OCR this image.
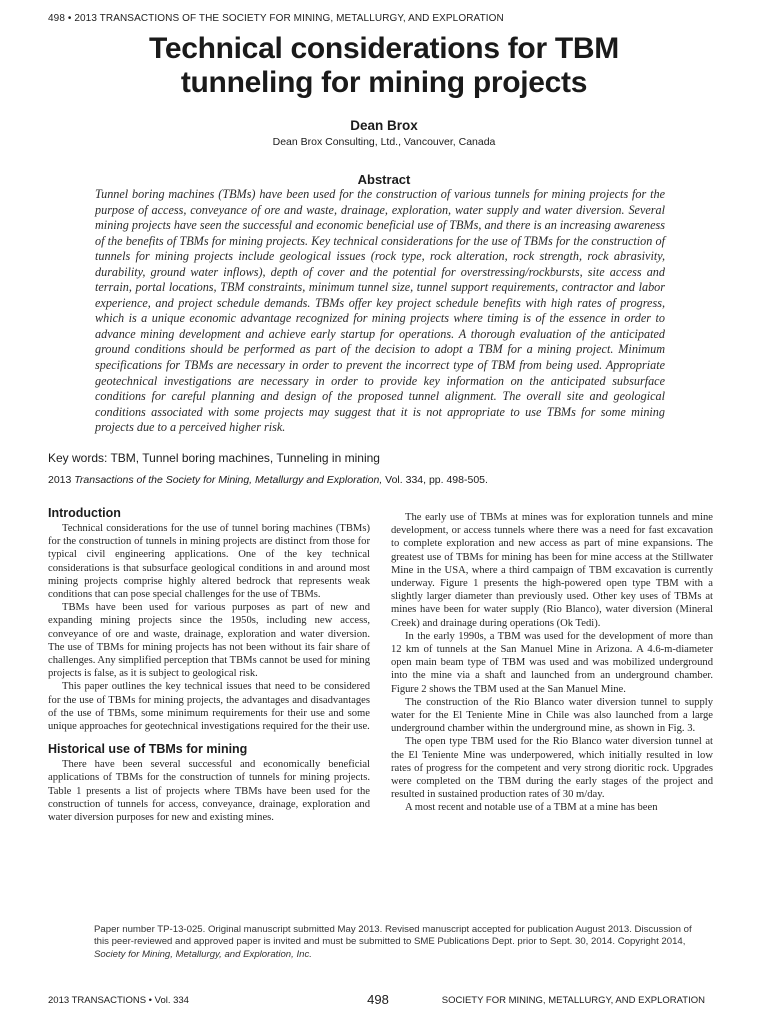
498 • 2013 TRANSACTIONS OF THE SOCIETY FOR MINING, METALLURGY, AND EXPLORATION
Technical considerations for TBM
tunneling for mining projects
Dean Brox
Dean Brox Consulting, Ltd., Vancouver, Canada
Abstract

Tunnel boring machines (TBMs) have been used for the construction of various tunnels for mining projects for the purpose of access, conveyance of ore and waste, drainage, exploration, water supply and water diversion. Several mining projects have seen the successful and economic beneficial use of TBMs, and there is an increasing awareness of the benefits of TBMs for mining projects. Key technical considerations for the use of TBMs for the construction of tunnels for mining projects include geological issues (rock type, rock alteration, rock strength, rock abrasivity, durability, ground water inflows), depth of cover and the potential for overstressing/rockbursts, site access and terrain, portal locations, TBM constraints, minimum tunnel size, tunnel support requirements, contractor and labor experience, and project schedule demands. TBMs offer key project schedule benefits with high rates of progress, which is a unique economic advantage recognized for mining projects where timing is of the essence in order to advance mining development and achieve early startup for operations. A thorough evaluation of the anticipated ground conditions should be performed as part of the decision to adopt a TBM for a mining project. Minimum specifications for TBMs are necessary in order to prevent the incorrect type of TBM from being used. Appropriate geotechnical investigations are necessary in order to provide key information on the anticipated subsurface conditions for careful planning and design of the proposed tunnel alignment. The overall site and geological conditions associated with some projects may suggest that it is not appropriate to use TBMs for some mining projects due to a perceived higher risk.

Key words: TBM, Tunnel boring machines, Tunneling in mining
2013 Transactions of the Society for Mining, Metallurgy and Exploration, Vol. 334, pp. 498-505.
Introduction

Technical considerations for the use of tunnel boring machines (TBMs) for the construction of tunnels in mining projects are distinct from those for typical civil engineering applications. One of the key technical considerations is that subsurface geological conditions in and around most mining projects comprise highly altered bedrock that represents weak conditions that can pose special challenges for the use of TBMs.

TBMs have been used for various purposes as part of new and expanding mining projects since the 1950s, including new access, conveyance of ore and waste, drainage, exploration and water diversion. The use of TBMs for mining projects has not been without its fair share of challenges. Any simplified perception that TBMs cannot be used for mining projects is false, as it is subject to geological risk.

This paper outlines the key technical issues that need to be considered for the use of TBMs for mining projects, the advantages and disadvantages of the use of TBMs, some minimum requirements for their use and some unique approaches for geotechnical investigations required for the their use.

Historical use of TBMs for mining

There have been several successful and economically beneficial applications of TBMs for the construction of tunnels for mining projects. Table 1 presents a list of projects where TBMs have been used for the construction of tunnels for access, conveyance, drainage, exploration and water diversion purposes for new and existing mines.

The early use of TBMs at mines was for exploration tunnels and mine development, or access tunnels where there was a need for fast excavation to complete exploration and new access as part of mine expansions. The greatest use of TBMs for mining has been for mine access at the Stillwater Mine in the USA, where a third campaign of TBM excavation is currently underway. Figure 1 presents the high-powered open type TBM with a slightly larger diameter than previously used. Other key uses of TBMs at mines have been for water supply (Rio Blanco), water diversion (Mineral Creek) and drainage during operations (Ok Tedi).

In the early 1990s, a TBM was used for the development of more than 12 km of tunnels at the San Manuel Mine in Arizona. A 4.6-m-diameter open main beam type of TBM was used and was mobilized underground into the mine via a shaft and launched from an underground chamber. Figure 2 shows the TBM used at the San Manuel Mine.

The construction of the Rio Blanco water diversion tunnel to supply water for the El Teniente Mine in Chile was also launched from a large underground chamber within the underground mine, as shown in Fig. 3.

The open type TBM used for the Rio Blanco water diversion tunnel at the El Teniente Mine was underpowered, which initially resulted in low rates of progress for the competent and very strong dioritic rock. Upgrades were completed on the TBM during the early stages of the project and resulted in sustained production rates of 30 m/day.

A most recent and notable use of a TBM at a mine has been

Paper number TP-13-025. Original manuscript submitted May 2013. Revised manuscript accepted for publication August 2013. Discussion of this peer-reviewed and approved paper is invited and must be submitted to SME Publications Dept. prior to Sept. 30, 2014. Copyright 2014, Society for Mining, Metallurgy, and Exploration, Inc.
2013 TRANSACTIONS • Vol. 334	498	SOCIETY FOR MINING, METALLURGY, AND EXPLORATION
